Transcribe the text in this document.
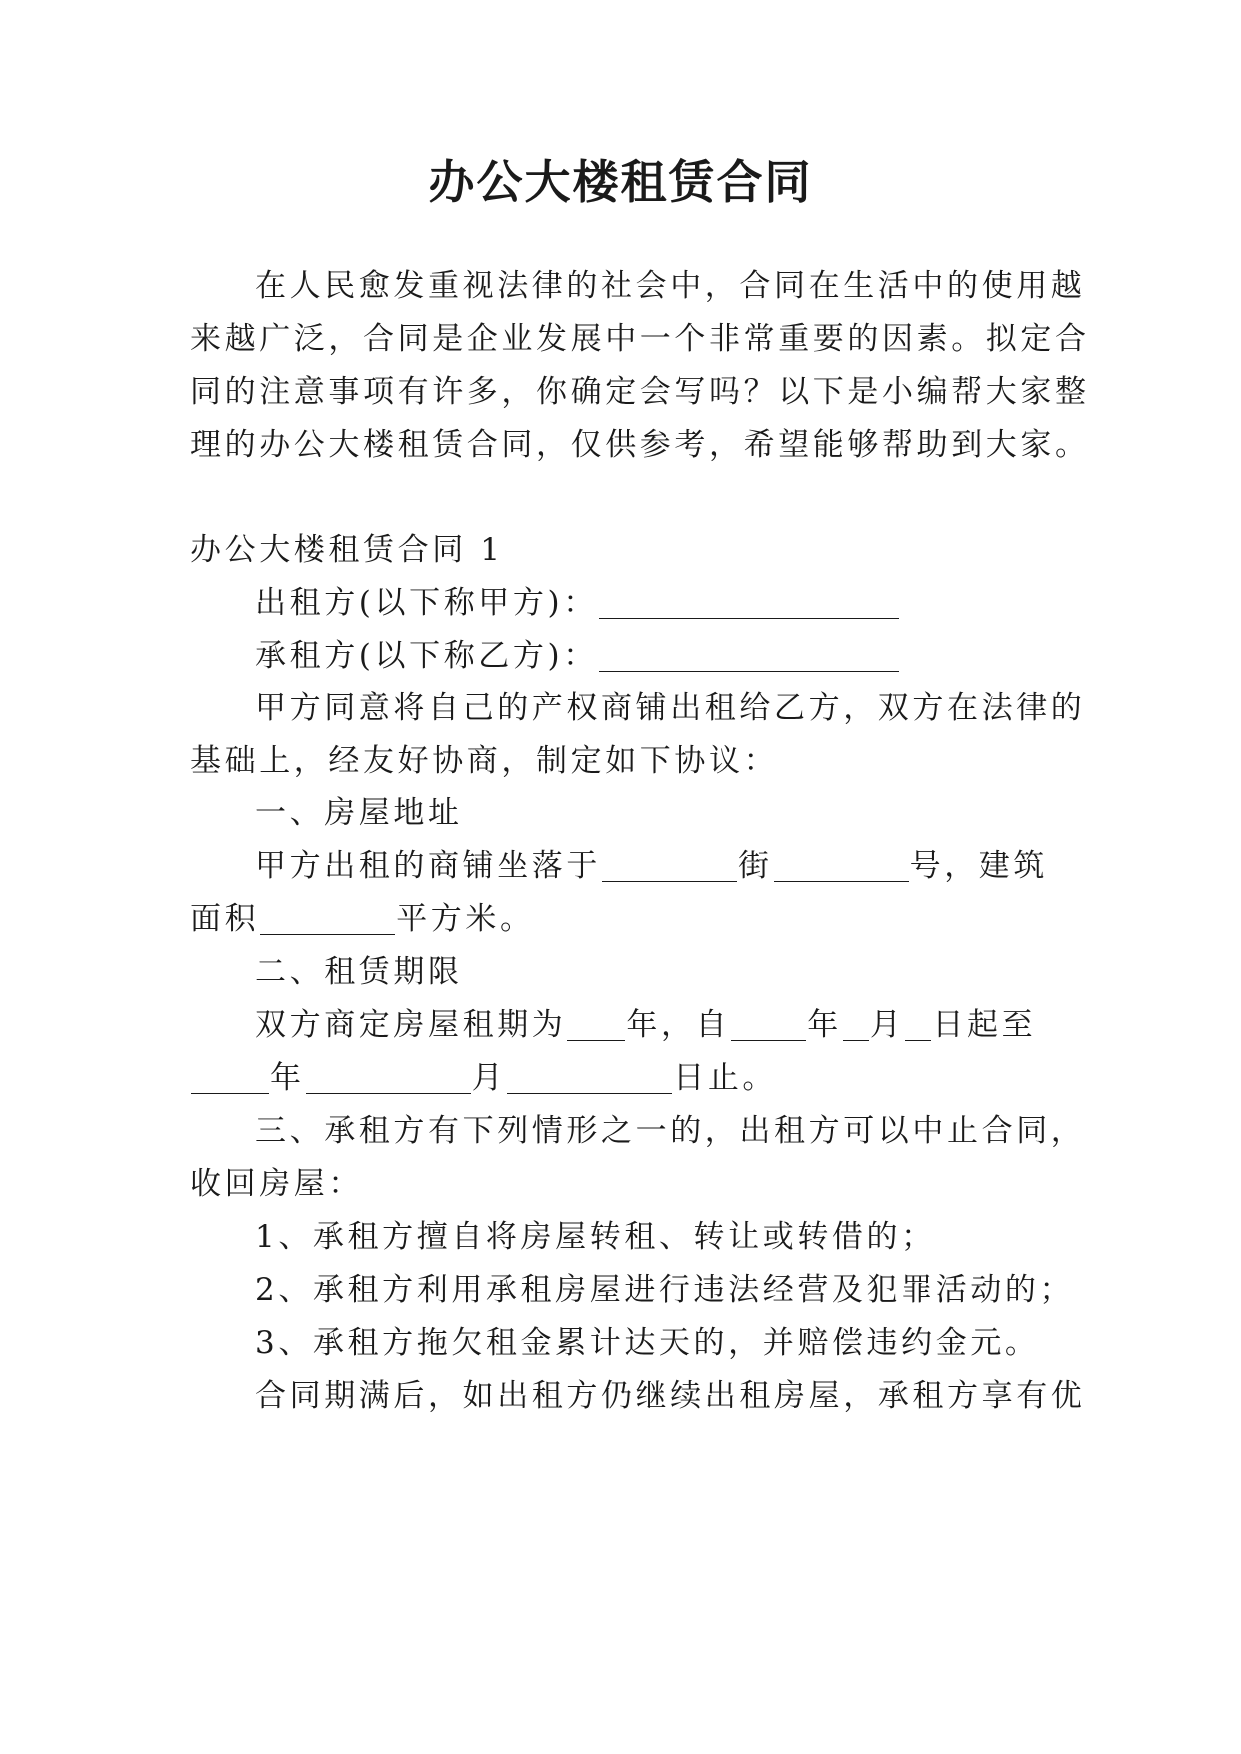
办公大楼租赁合同
在人民愈发重视法律的社会中，合同在生活中的使用越
来越广泛，合同是企业发展中一个非常重要的因素。拟定合
同的注意事项有许多，你确定会写吗？以下是小编帮大家整
理的办公大楼租赁合同，仅供参考，希望能够帮助到大家。
办公大楼租赁合同 1
出租方(以下称甲方)：
承租方(以下称乙方)：
甲方同意将自己的产权商铺出租给乙方，双方在法律的
基础上，经友好协商，制定如下协议：
一、房屋地址
甲方出租的商铺坐落于	街	号，建筑
面积	平方米。
二、租赁期限
双方商定房屋租期为 年，自 年 月 日起至
年	月	日止。
三、承租方有下列情形之一的，出租方可以中止合同，
收回房屋：
1、承租方擅自将房屋转租、转让或转借的；
2、承租方利用承租房屋进行违法经营及犯罪活动的；
3、承租方拖欠租金累计达天的，并赔偿违约金元。
合同期满后，如出租方仍继续出租房屋，承租方享有优
